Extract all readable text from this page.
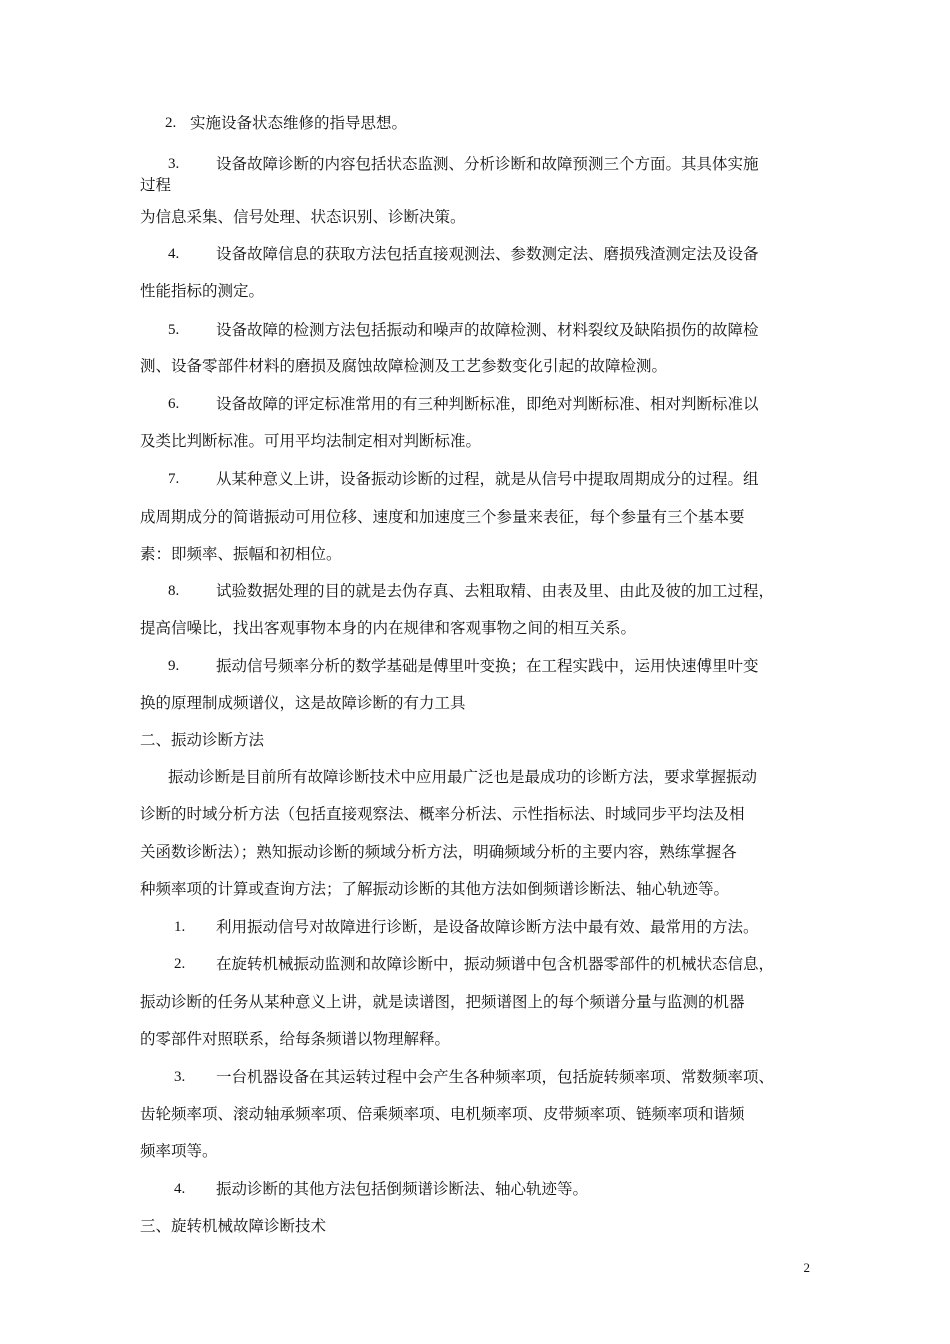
2. 实施设备状态维修的指导思想。
3. 设备故障诊断的内容包括状态监测、分析诊断和故障预测三个方面。其具体实施
过程
为信息采集、信号处理、状态识别、诊断决策。
4. 设备故障信息的获取方法包括直接观测法、参数测定法、磨损残渣测定法及设备
性能指标的测定。
5. 设备故障的检测方法包括振动和噪声的故障检测、材料裂纹及缺陷损伤的故障检
测、设备零部件材料的磨损及腐蚀故障检测及工艺参数变化引起的故障检测。
6. 设备故障的评定标准常用的有三种判断标准，即绝对判断标准、相对判断标准以
及类比判断标准。可用平均法制定相对判断标准。
7. 从某种意义上讲，设备振动诊断的过程，就是从信号中提取周期成分的过程。组
成周期成分的简谐振动可用位移、速度和加速度三个参量来表征，每个参量有三个基本要
素：即频率、振幅和初相位。
8. 试验数据处理的目的就是去伪存真、去粗取精、由表及里、由此及彼的加工过程，
提高信噪比，找出客观事物本身的内在规律和客观事物之间的相互关系。
9. 振动信号频率分析的数学基础是傅里叶变换；在工程实践中，运用快速傅里叶变
换的原理制成频谱仪，这是故障诊断的有力工具
二、振动诊断方法
振动诊断是目前所有故障诊断技术中应用最广泛也是最成功的诊断方法，要求掌握振动
诊断的时域分析方法（包括直接观察法、概率分析法、示性指标法、时域同步平均法及相
关函数诊断法）；熟知振动诊断的频域分析方法，明确频域分析的主要内容，熟练掌握各
种频率项的计算或查询方法；了解振动诊断的其他方法如倒频谱诊断法、轴心轨迹等。
1. 利用振动信号对故障进行诊断，是设备故障诊断方法中最有效、最常用的方法。
2. 在旋转机械振动监测和故障诊断中，振动频谱中包含机器零部件的机械状态信息，
振动诊断的任务从某种意义上讲，就是读谱图，把频谱图上的每个频谱分量与监测的机器
的零部件对照联系，给每条频谱以物理解释。
3. 一台机器设备在其运转过程中会产生各种频率项，包括旋转频率项、常数频率项、
齿轮频率项、滚动轴承频率项、倍乘频率项、电机频率项、皮带频率项、链频率项和谐频
频率项等。
4. 振动诊断的其他方法包括倒频谱诊断法、轴心轨迹等。
三、旋转机械故障诊断技术
2
